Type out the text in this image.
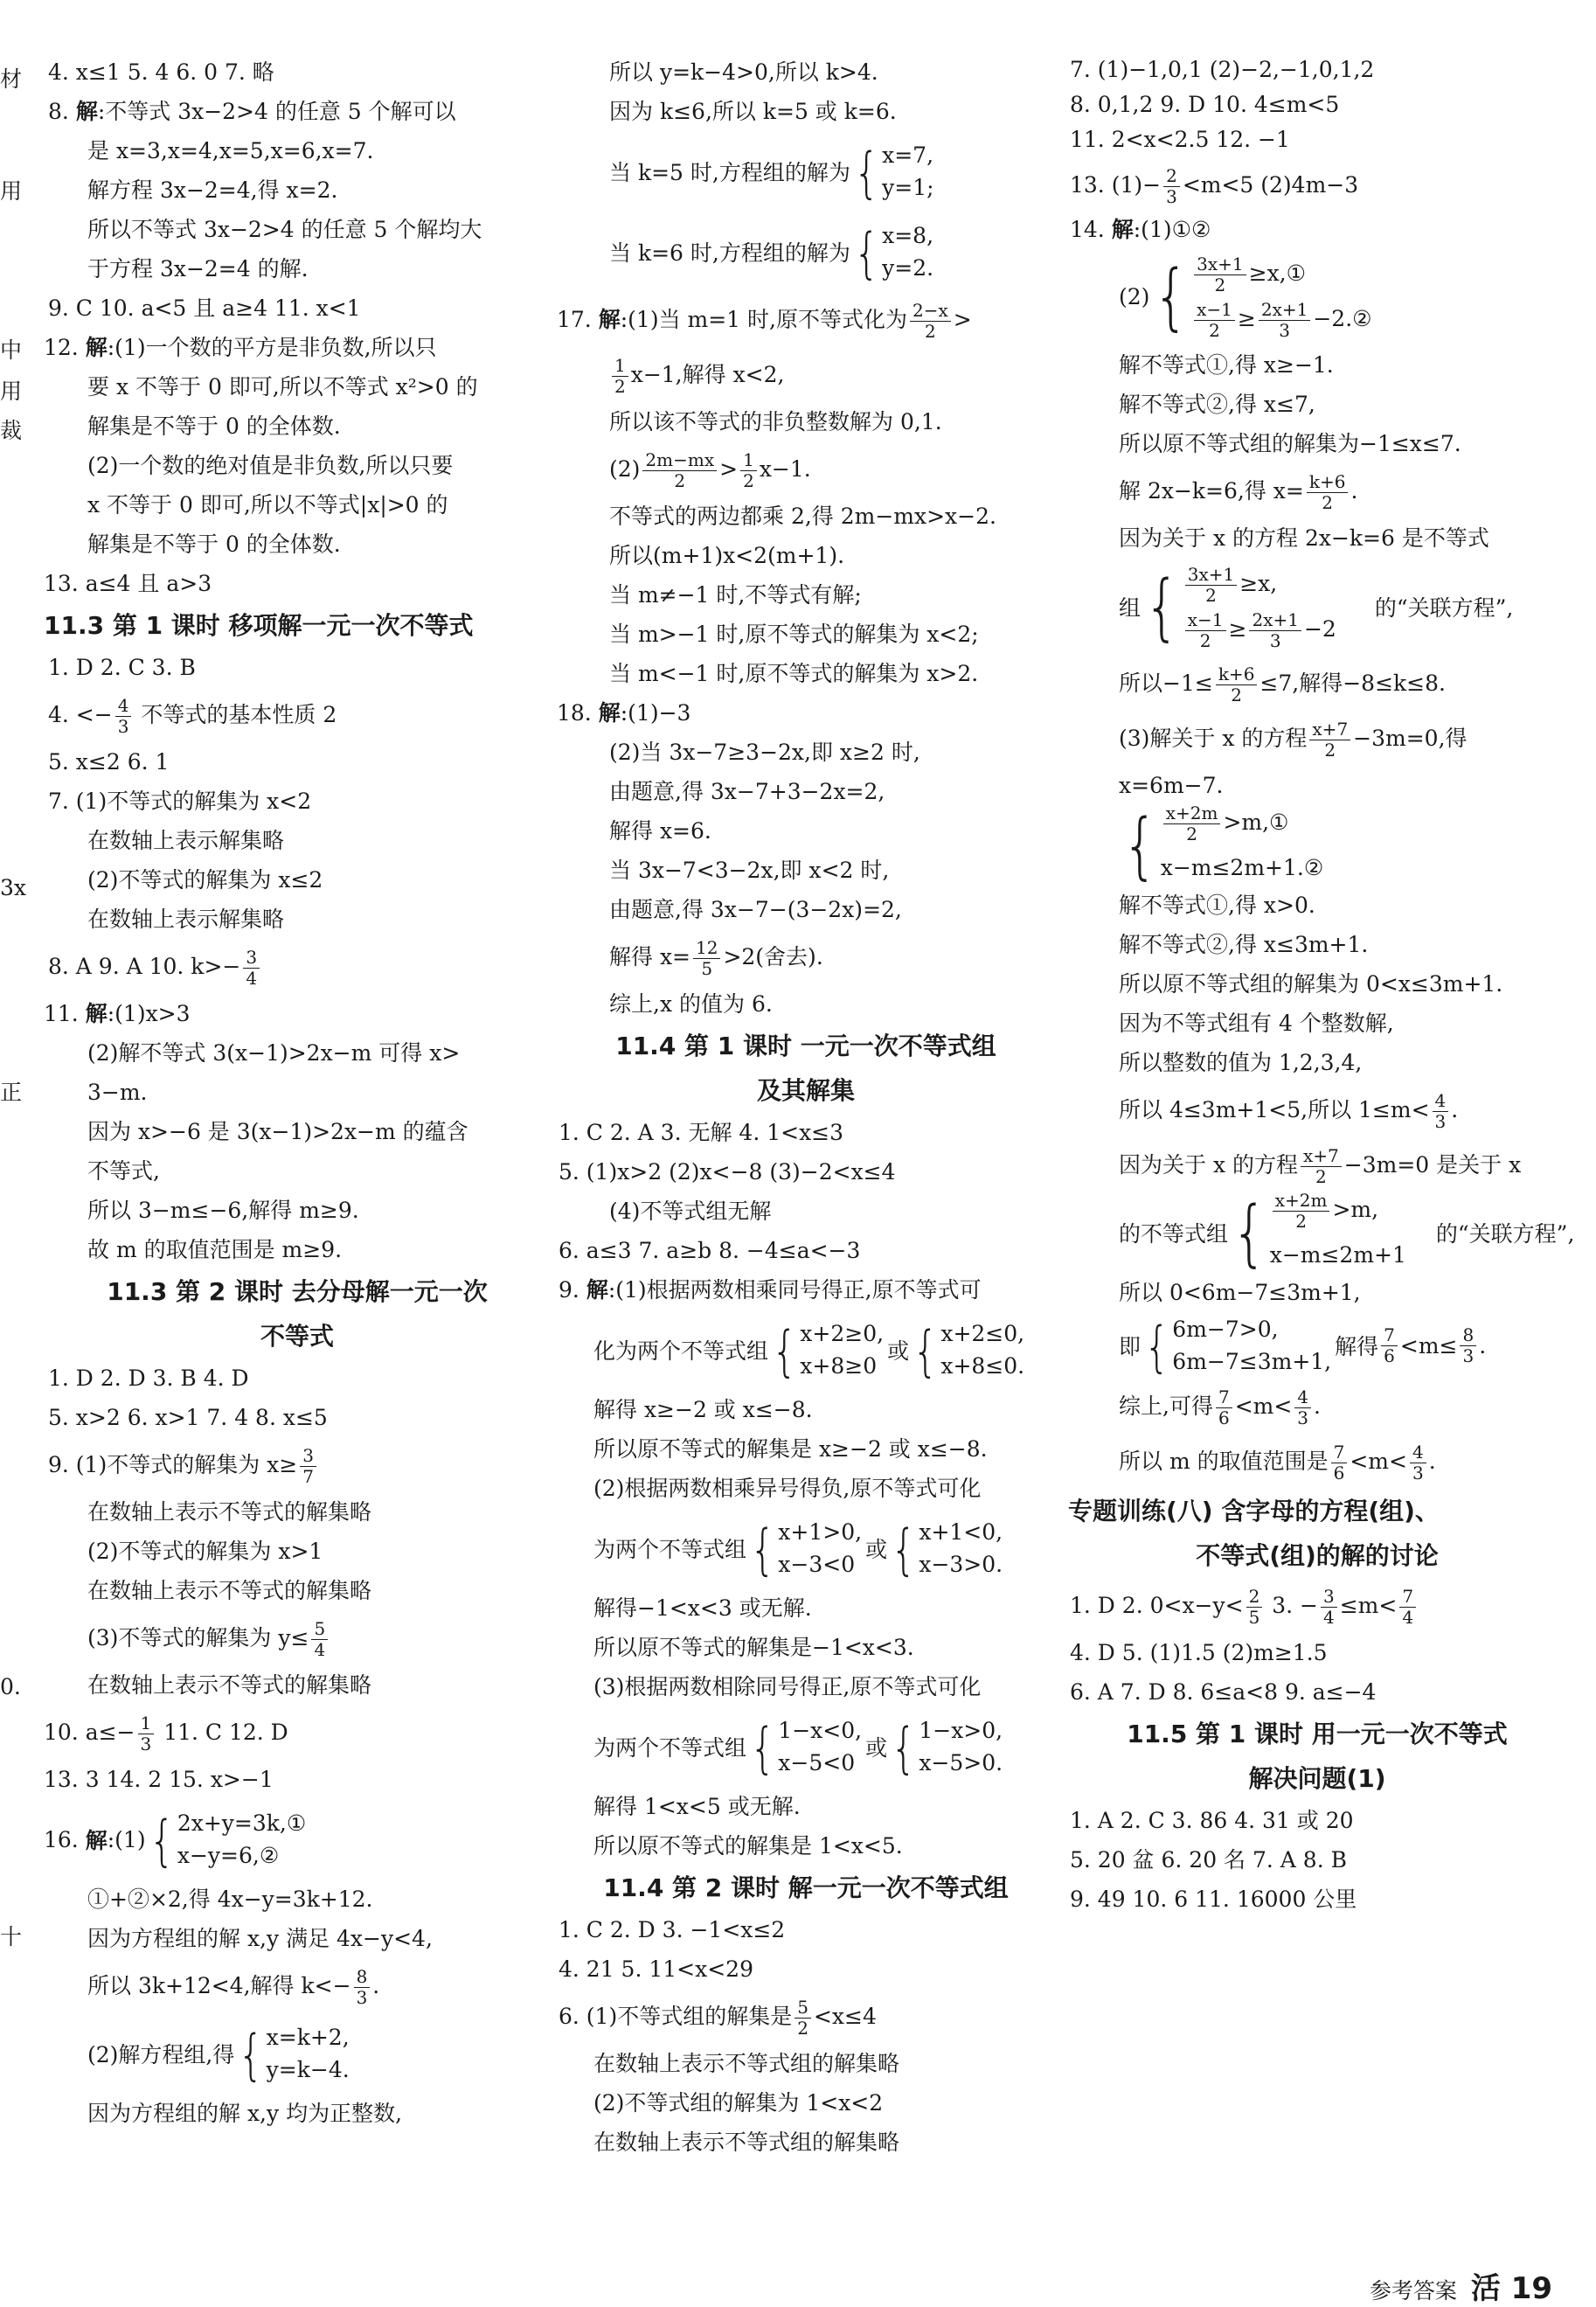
材
用
中
用
裁
3x
正
0.
十
4. x≤1 5. 4 6. 0 7. 略
8. 解:不等式 3x−2>4 的任意 5 个解可以
是 x=3,x=4,x=5,x=6,x=7.
解方程 3x−2=4,得 x=2.
所以不等式 3x−2>4 的任意 5 个解均大
于方程 3x−2=4 的解.
9. C 10. a<5 且 a≥4 11. x<1
12. 解:(1)一个数的平方是非负数,所以只
要 x 不等于 0 即可,所以不等式 x²>0 的
解集是不等于 0 的全体数.
(2)一个数的绝对值是非负数,所以只要
x 不等于 0 即可,所以不等式|x|>0 的
解集是不等于 0 的全体数.
13. a≤4 且 a>3
11.3 第 1 课时 移项解一元一次不等式
1. D 2. C 3. B
4. <− $\frac{4}{3}$ 不等式的基本性质 2
5. x≤2 6. 1
7. (1)不等式的解集为 x<2
在数轴上表示解集略
(2)不等式的解集为 x≤2
在数轴上表示解集略
8. A 9. A 10. $k>- \frac{3}{4}$
11. 解:(1)x>3
(2)解不等式 3(x−1)>2x−m 可得 x>
3−m.
因为 x>−6 是 3(x−1)>2x−m 的蕴含
不等式,
所以 3−m≤−6,解得 m≥9.
故 m 的取值范围是 m≥9.
11.3 第 2 课时 去分母解一元一次
不等式
1. D 2. D 3. B 4. D
5. x>2 6. x>1 7. 4 8. x≤5
9. (1)不等式的解集为 $x\ge \frac{3}{7}$
在数轴上表示不等式的解集略
(2)不等式的解集为 x>1
在数轴上表示不等式的解集略
(3)不等式的解集为 $y\le \frac{5}{4}$
在数轴上表示不等式的解集略
10. $a\le- \frac{1}{3} 11$. C 12. D
13. 3 14. 2 15. x>−1
16. 解 :(1) { 2x+y=3k,①
x−y=6,②
①+②×2,得 4x−y=3k+12.
因为方程组的解 x,y 满足 4x−y<4,
所以 3k+12<4,解得 $k<- \frac{8}{3}$ .
(2)解方程组,得 { x=k+2,
y=k−4.
因为方程组的解 x,y 均为正整数,
所以 y=k−4>0,所以 k>4.
因为 k≤6,所以 k=5 或 k=6.
当 k=5 时,方程组的解为 { x=7,
y=1;
当 k=6 时,方程组的解为 { x=8,
y=2.
17. 解:(1)当 m=1 时,原不等式化为 $\frac{2-x}{2}$ >
$\frac{1}{2} x-1$,解得 x<2,
所以该不等式的非负整数解为 0,1.
$(2) \frac{2m-mx}{2} > \frac{1}{2} x-1$.
不等式的两边都乘 2,得 2m−mx>x−2.
所以(m+1)x<2(m+1).
当 m≠−1 时,不等式有解;
当 m>−1 时,原不等式的解集为 x<2;
当 m<−1 时,原不等式的解集为 x>2.
18. 解:(1)−3
(2)当 3x−7≥3−2x,即 x≥2 时,
由题意,得 3x−7+3−2x=2,
解得 x=6.
当 3x−7<3−2x,即 x<2 时,
由题意,得 3x−7−(3−2x)=2,
解得 $x= \frac{12}{5} >2$(舍去).
综上,x 的值为 6.
11.4 第 1 课时 一元一次不等式组
及其解集
1. C 2. A 3. 无解 4. 1<x≤3
5. (1)x>2 (2)x<−8 (3)−2<x≤4
(4)不等式组无解
6. a≤3 7. a≥b 8. −4≤a<−3
9. 解:(1)根据两数相乘同号得正,原不等式可
化为两个不等式组 { x+2≥0,
x+8≥0
或 { x+2≤0,
x+8≤0.
解得 x≥−2 或 x≤−8.
所以原不等式的解集是 x≥−2 或 x≤−8.
(2)根据两数相乘异号得负,原不等式可化
为两个不等式组 { x+1>0,
x−3<0
或 { x+1<0,
x−3>0.
解得−1<x<3 或无解.
所以原不等式的解集是−1<x<3.
(3)根据两数相除同号得正,原不等式可化
为两个不等式组 { 1−x<0,
x−5<0
或 { 1−x>0,
x−5>0.
解得 1<x<5 或无解.
所以原不等式的解集是 1<x<5.
11.4 第 2 课时 解一元一次不等式组
1. C 2. D 3. −1<x≤2
4. 21 5. 11<x<29
6. (1)不等式组的解集是 $\frac{5}{2} <x\le 4$
在数轴上表示不等式组的解集略
(2)不等式组的解集为 1<x<2
在数轴上表示不等式组的解集略
7. (1)−1,0,1 (2)−2,−1,0,1,2
8. 0,1,2 9. D 10. 4≤m<5
11. 2<x<2.5 12. −1
13. $(1)- \frac{2}{3} <m<5$ (2)4m−3
14. 解:(1)①②
(2) { $\frac{3x+1}{2}$ ≥x,①
$\frac{x-1}{2} \ge \frac{2x+1}{3}$ −2.②
解不等式①,得 x≥−1.
解不等式②,得 x≤7,
所以原不等式组的解集为−1≤x≤7.
解 2x−k=6,得 $x= \frac{k+6}{2}$ .
因为关于 x 的方程 2x−k=6 是不等式
组 { $\frac{3x+1}{2} \ge x$,
$\frac{x-1}{2} \ge \frac{2x+1}{3} -2$
的“关联方程”,
所以$-1\le \frac{k+6}{2} \le 7$,解得−8≤k≤8.
(3)解关于 x 的方程 $\frac{x+7}{2} -3m=0$,得
x=6m−7.
{ $\frac{x+2m}{2}$ >m,①
x−m≤2m+1.②
解不等式①,得 x>0.
解不等式②,得 x≤3m+1.
所以原不等式组的解集为 0<x≤3m+1.
因为不等式组有 4 个整数解,
所以整数的值为 1,2,3,4,
所以 4≤3m+1<5,所以 $1\le m< \frac{4}{3}$ .
因为关于 x 的方程 $\frac{x+7}{2} -3m=0$ 是关于 x
的不等式组 { $\frac{x+2m}{2} >m$,
x−m≤2m+1
的“关联方程”,
所以 0<6m−7≤3m+1,
即 { 6m−7>0,
6m−7≤3m+1,
解得 7
$6 <m\le \frac{8}{3}$ .
综上,可得 $\frac{7}{6} <m< \frac{4}{3}$ .
所以 m 的取值范围是 $\frac{7}{6} <m< \frac{4}{3}$ .
专题训练(八) 含字母的方程(组)、
不等式(组)的解的讨论
1. D 2. $0<x-y< \frac{2}{5} 3$. − $\frac{3}{4} \le m< \frac{7}{4}$
4. D 5. (1)1.5 (2)m≥1.5
6. A 7. D 8. 6≤a<8 9. a≤−4
11.5 第 1 课时 用一元一次不等式
解决问题(1)
1. A 2. C 3. 86 4. 31 或 20
5. 20 盆 6. 20 名 7. A 8. B
9. 49 10. 6 11. 16000 公里
参考答案 活 19
